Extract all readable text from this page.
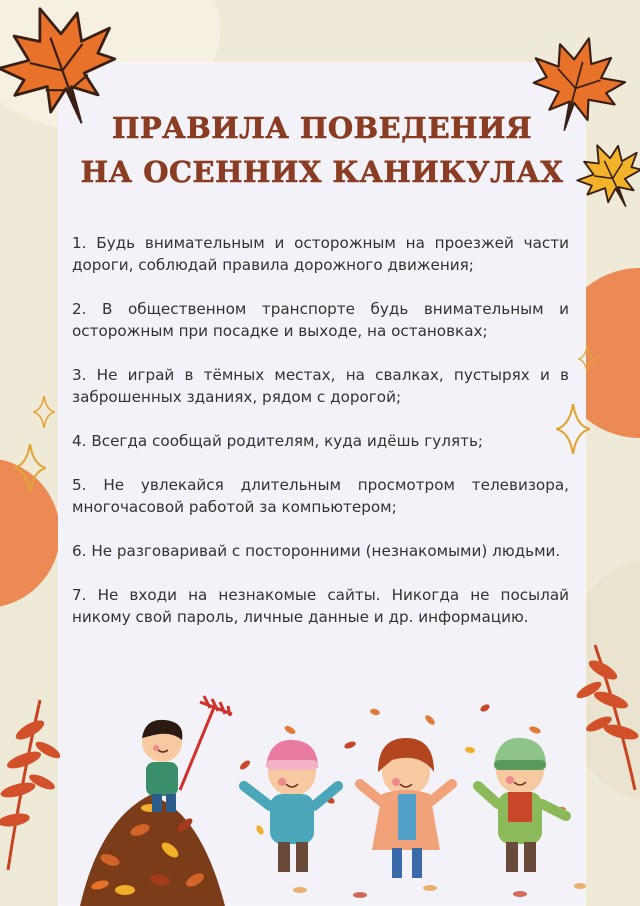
ПРАВИЛА ПОВЕДЕНИЯ
НА ОСЕННИХ КАНИКУЛАХ
1. Будь внимательным и осторожным на проезжей части дороги, соблюдай правила дорожного движения;
2. В общественном транспорте будь внимательным и осторожным при посадке и выходе, на остановках;
3. Не играй в тёмных местах, на свалках, пустырях и в заброшенных зданиях, рядом с дорогой;
4. Всегда сообщай родителям, куда идёшь гулять;
5. Не увлекайся длительным просмотром телевизора, многочасовой работой за компьютером;
6. Не разговаривай с посторонними (незнакомыми) людьми.
7. Не входи на незнакомые сайты. Никогда не посылай никому свой пароль, личные данные и др. информацию.
